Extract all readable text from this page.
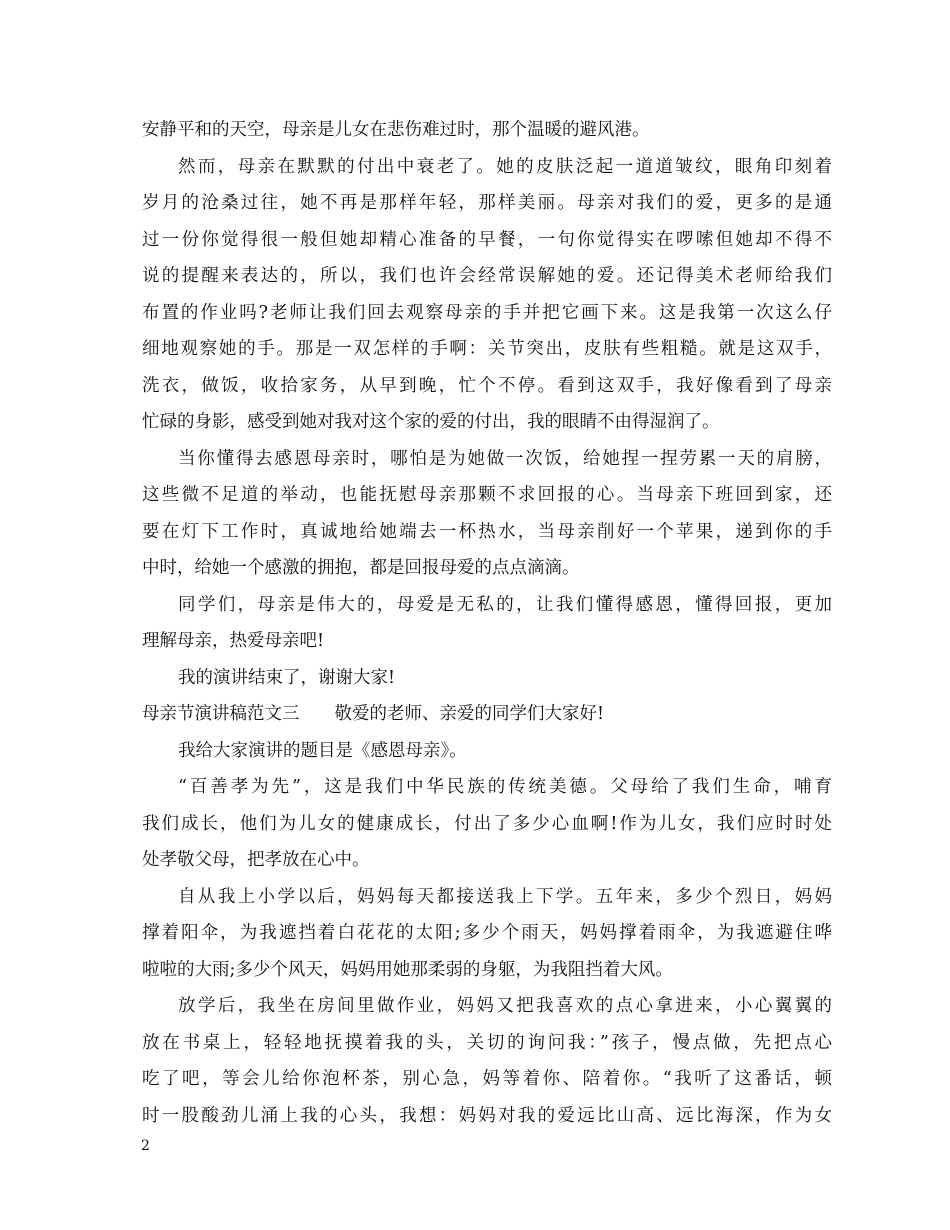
安静平和的天空，母亲是儿女在悲伤难过时，那个温暖的避风港。
然而，母亲在默默的付出中衰老了。她的皮肤泛起一道道皱纹，眼角印刻着
岁月的沧桑过往，她不再是那样年轻，那样美丽。母亲对我们的爱，更多的是通
过一份你觉得很一般但她却精心准备的早餐，一句你觉得实在啰嗦但她却不得不
说的提醒来表达的，所以，我们也许会经常误解她的爱。还记得美术老师给我们
布置的作业吗?老师让我们回去观察母亲的手并把它画下来。这是我第一次这么仔
细地观察她的手。那是一双怎样的手啊：关节突出，皮肤有些粗糙。就是这双手，
洗衣，做饭，收拾家务，从早到晚，忙个不停。看到这双手，我好像看到了母亲
忙碌的身影，感受到她对我对这个家的爱的付出，我的眼睛不由得湿润了。
当你懂得去感恩母亲时，哪怕是为她做一次饭，给她捏一捏劳累一天的肩膀，
这些微不足道的举动，也能抚慰母亲那颗不求回报的心。当母亲下班回到家，还
要在灯下工作时，真诚地给她端去一杯热水，当母亲削好一个苹果，递到你的手
中时，给她一个感激的拥抱，都是回报母爱的点点滴滴。
同学们，母亲是伟大的，母爱是无私的，让我们懂得感恩，懂得回报，更加
理解母亲，热爱母亲吧!
我的演讲结束了，谢谢大家!
母亲节演讲稿范文三　　敬爱的老师、亲爱的同学们大家好!
我给大家演讲的题目是《感恩母亲》。
“百善孝为先”，这是我们中华民族的传统美德。父母给了我们生命，哺育
我们成长，他们为儿女的健康成长，付出了多少心血啊!作为儿女，我们应时时处
处孝敬父母，把孝放在心中。
自从我上小学以后，妈妈每天都接送我上下学。五年来，多少个烈日，妈妈
撑着阳伞，为我遮挡着白花花的太阳;多少个雨天，妈妈撑着雨伞，为我遮避住哗
啦啦的大雨;多少个风天，妈妈用她那柔弱的身躯，为我阻挡着大风。
放学后，我坐在房间里做作业，妈妈又把我喜欢的点心拿进来，小心翼翼的
放在书桌上，轻轻地抚摸着我的头，关切的询问我：”孩子，慢点做，先把点心
吃了吧，等会儿给你泡杯茶，别心急，妈等着你、陪着你。“我听了这番话，顿
时一股酸劲儿涌上我的心头，我想：妈妈对我的爱远比山高、远比海深，作为女
2
